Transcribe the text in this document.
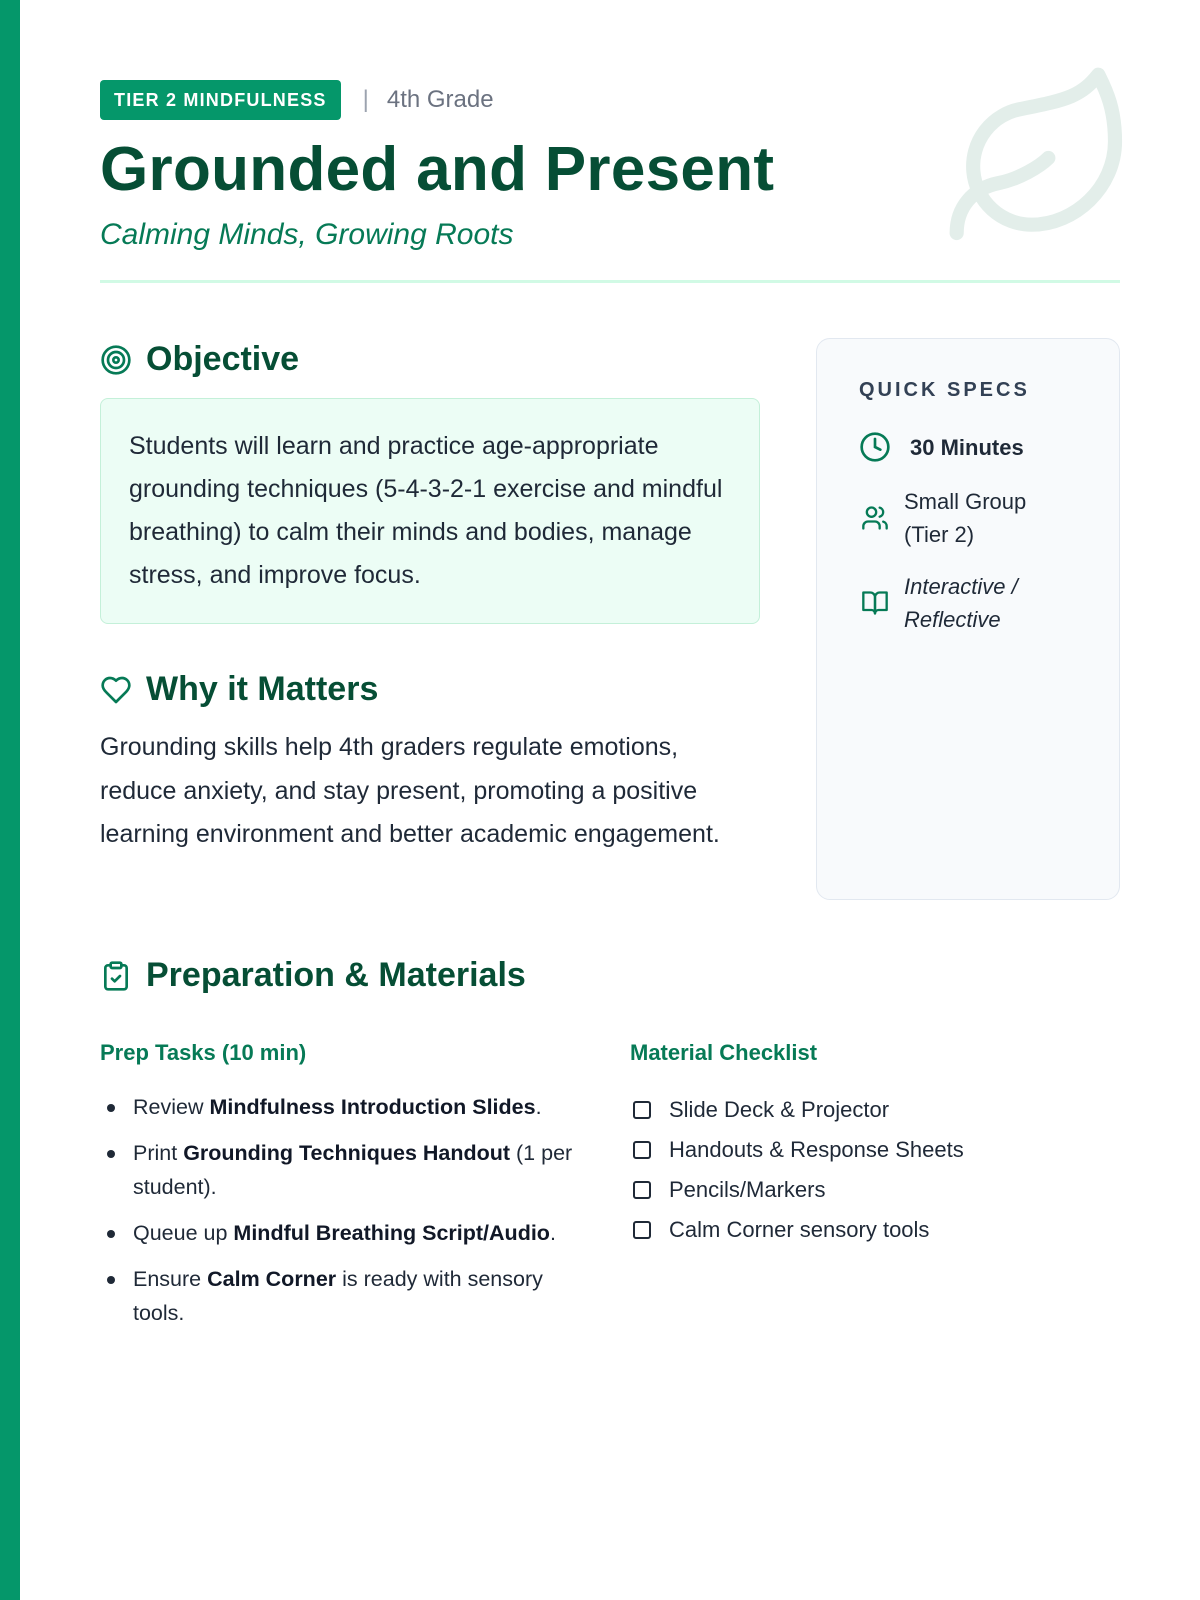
TIER 2 MINDFULNESS	| 4th Grade
Grounded and Present

Calming Minds, Growing Roots

Objective
Students will learn and practice age-appropriate grounding techniques (5-4-3-2-1 exercise and mindful breathing) to calm their minds and bodies, manage stress, and improve focus.
Why it Matters
Grounding skills help 4th graders regulate emotions, reduce anxiety, and stay present, promoting a positive learning environment and better academic engagement.
QUICK SPECS
30 Minutes
Small Group
(Tier 2)
Interactive /
Reflective
Preparation & Materials
Prep Tasks (10 min)
Review Mindfulness Introduction Slides.
Print Grounding Techniques Handout (1 per student).
Queue up Mindful Breathing Script/Audio.
Ensure Calm Corner is ready with sensory tools.
Material Checklist
Slide Deck & Projector
Handouts & Response Sheets
Pencils/Markers
Calm Corner sensory tools
